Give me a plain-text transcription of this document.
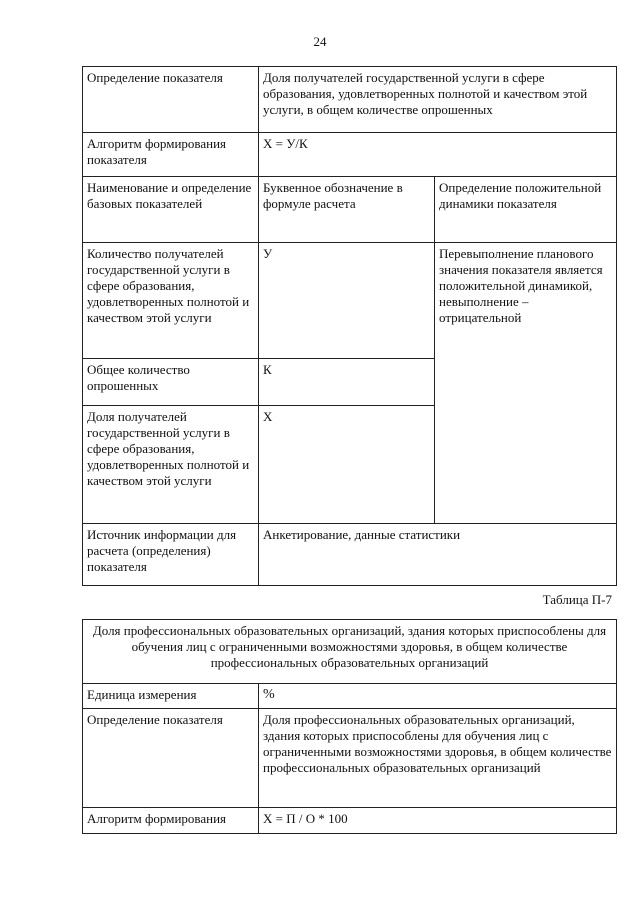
24
Определение показателя	Доля получателей государственной услуги в сфере образования, удовлетворенных полнотой и качеством этой услуги, в общем количестве опрошенных	
Алгоритм формирования показателя	Х = У/К	
Наименование и определение базовых показателей	Буквенное обозначение в формуле расчета	Определение положительной динамики показателя
Количество получателей государственной услуги в сфере образования, удовлетворенных полнотой и качеством этой услуги	У	Перевыполнение планового значения показателя является положительной динамикой, невыполнение – отрицательной
Общее количество опрошенных	К	
Доля получателей государственной услуги в сфере образования, удовлетворенных полнотой и качеством этой услуги	Х	
Источник информации для расчета (определения) показателя	Анкетирование, данные статистики	
Таблица П-7
Доля профессиональных образовательных организаций, здания которых приспособлены для обучения лиц с ограниченными возможностями здоровья, в общем количестве профессиональных образовательных организаций	
Единица измерения	%
Определение показателя	Доля профессиональных образовательных организаций, здания которых приспособлены для обучения лиц с ограниченными возможностями здоровья, в общем количестве профессиональных образовательных организаций
Алгоритм формирования	Х = П / О * 100
